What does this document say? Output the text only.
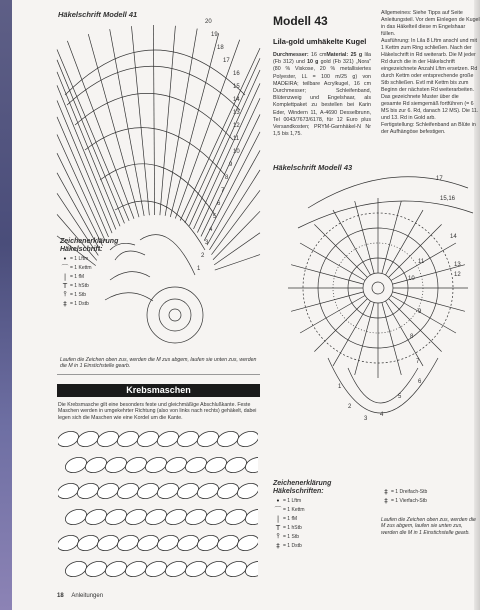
Häkelschrift Modell 41
20
19
18
17
16
15
14
13
12
11
10
9
8
7
6
5
4
3
2
1
Zeichenerklärung Häkelschrift:
• = 1 Lftm
⌒ = 1 Kettm
| = 1 fM
T = 1 hStb
⫯ = 1 Stb
‡ = 1 Dstb
Laufen die Zeichen oben zus, werden die M zus abgem, laufen sie unten zus, werden die M in 1 Einstichstelle gearb.
Krebsmaschen
Die Krebsmasche gilt eine besonders feste und gleichmäßige Abschlußkante. Feste Maschen werden in umgekehrter Richtung (also von links nach rechts) gehäkelt, dabei legen sich die Maschen wie eine Kordel um die Kante.
18 Anleitungen
Modell 43
Lila-gold umhäkelte Kugel
Durchmesser: 16 cmMaterial: 25 g lila (Fb 312) und 10 g gold (Fb 321) „Nora" (80 % Viskose, 20 % metallisiertes Polyester, LL = 100 m/25 g) von MADEIRA; teilbare Acrylkugel, 16 cm Durchmesser; Schleifenband, Blütenzweig und Engelshaar, als Komplettpaket zu bestellen bei Karin Eder, Windern 11, A-4690 Desselbrunn, Tel 0043/7673/6178, für 12 Euro plus Versandkosten; PRYM-Garnhäkel-N Nr 1,5 bis 1,75.
Häkelschrift Modell 43
17
15,16
14
13
12
11
10
9
8
7
6
5
4
3
2
1
Zeichenerklärung Häkelschriften:
• = 1 Lftm
⌒ = 1 Kettm
| = 1 fM
T = 1 hStb
⫯ = 1 Stb
‡ = 1 Dstb

Allgemeines: Siehe Tipps auf Seite Anleitungsteil. Vor dem Einlegen de Kugel in das Häkelteil diese m Engelshaar füllen.

Ausführung: In Lila 8 Lftm anschl und mit 1 Kettm zum Ring schließen. Nach der Häkelschrift in Rd weiterarb. Die M jeder Rd durch die in der Häkelschrift eingezeichnete Anzahl Lftm ersetzen. Rd durch Kettm oder entsprechende große Stb schließen. Evtl mit Kettm bis zum Beginn der nächsten Rd weiterarbeiten. Das gezeichnete Muster über die gesamte Rd siemgemäß fortführen (= 6 MS bis zur 6. Rd, danach 12 MS). Die 11. und 13. Rd in Gold arb.

Fertigstellung: Schleifenband an Blüte in der Aufhängöse befestigen.

‡ = 1 Dreifach-Stb
‡ = 1 Vierfach-Stb
Laufen die Zeichen oben zus, werden die M zus abgem, laufen sie unten zus, werden die M in 1 Einstichstelle gearb.
